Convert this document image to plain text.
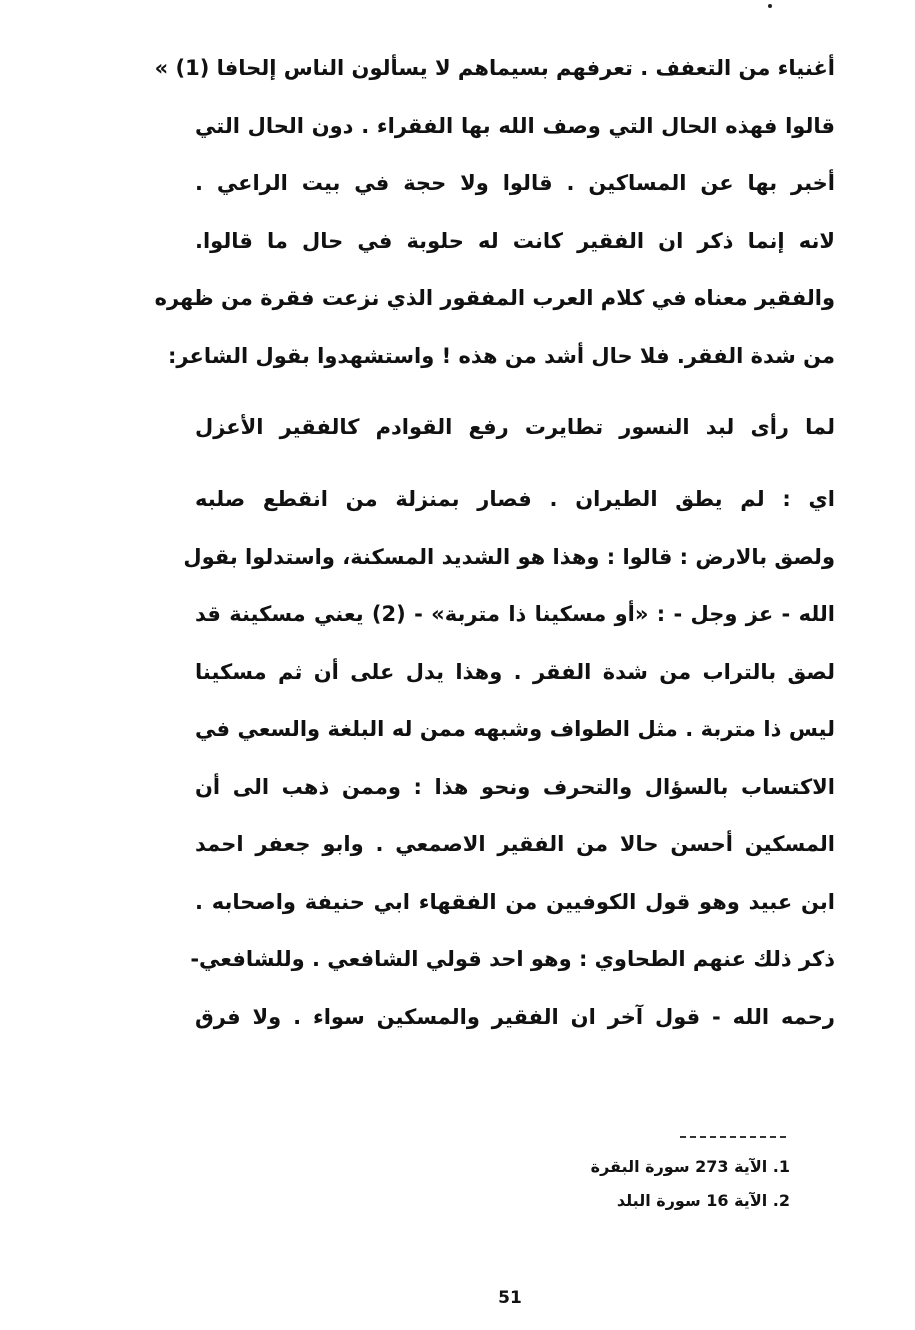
أغنياء من التعفف . تعرفهم بسيماهم لا يسألون الناس إلحافا (1) »
قالوا فهذه الحال التي وصف الله بها الفقراء . دون الحال التي
أخبر بها عن المساكين . قالوا ولا حجة في بيت الراعي .
لانه إنما ذكر ان الفقير كانت له حلوبة في حال ما قالوا.
والفقير معناه في كلام العرب المفقور الذي نزعت فقرة من ظهره
من شدة الفقر. فلا حال أشد من هذه ! واستشهدوا بقول الشاعر:
لما رأى لبد النسور تطايرت رفع القوادم كالفقير الأعزل
اي : لم يطق الطيران . فصار بمنزلة من انقطع صلبه
ولصق بالارض : قالوا : وهذا هو الشديد المسكنة، واستدلوا بقول
الله - عز وجل - : «أو مسكينا ذا متربة» - (2) يعني مسكينة قد
لصق بالتراب من شدة الفقر . وهذا يدل على أن ثم مسكينا
ليس ذا متربة . مثل الطواف وشبهه ممن له البلغة والسعي في
الاكتساب بالسؤال والتحرف ونحو هذا : وممن ذهب الى أن
المسكين أحسن حالا من الفقير الاصمعي . وابو جعفر احمد
ابن عبيد وهو قول الكوفيين من الفقهاء ابي حنيفة واصحابه .
ذكر ذلك عنهم الطحاوي : وهو احد قولي الشافعي . وللشافعي-
رحمه الله - قول آخر ان الفقير والمسكين سواء . ولا فرق
1. الآية 273 سورة البقرة
2. الآية 16 سورة البلد
51
